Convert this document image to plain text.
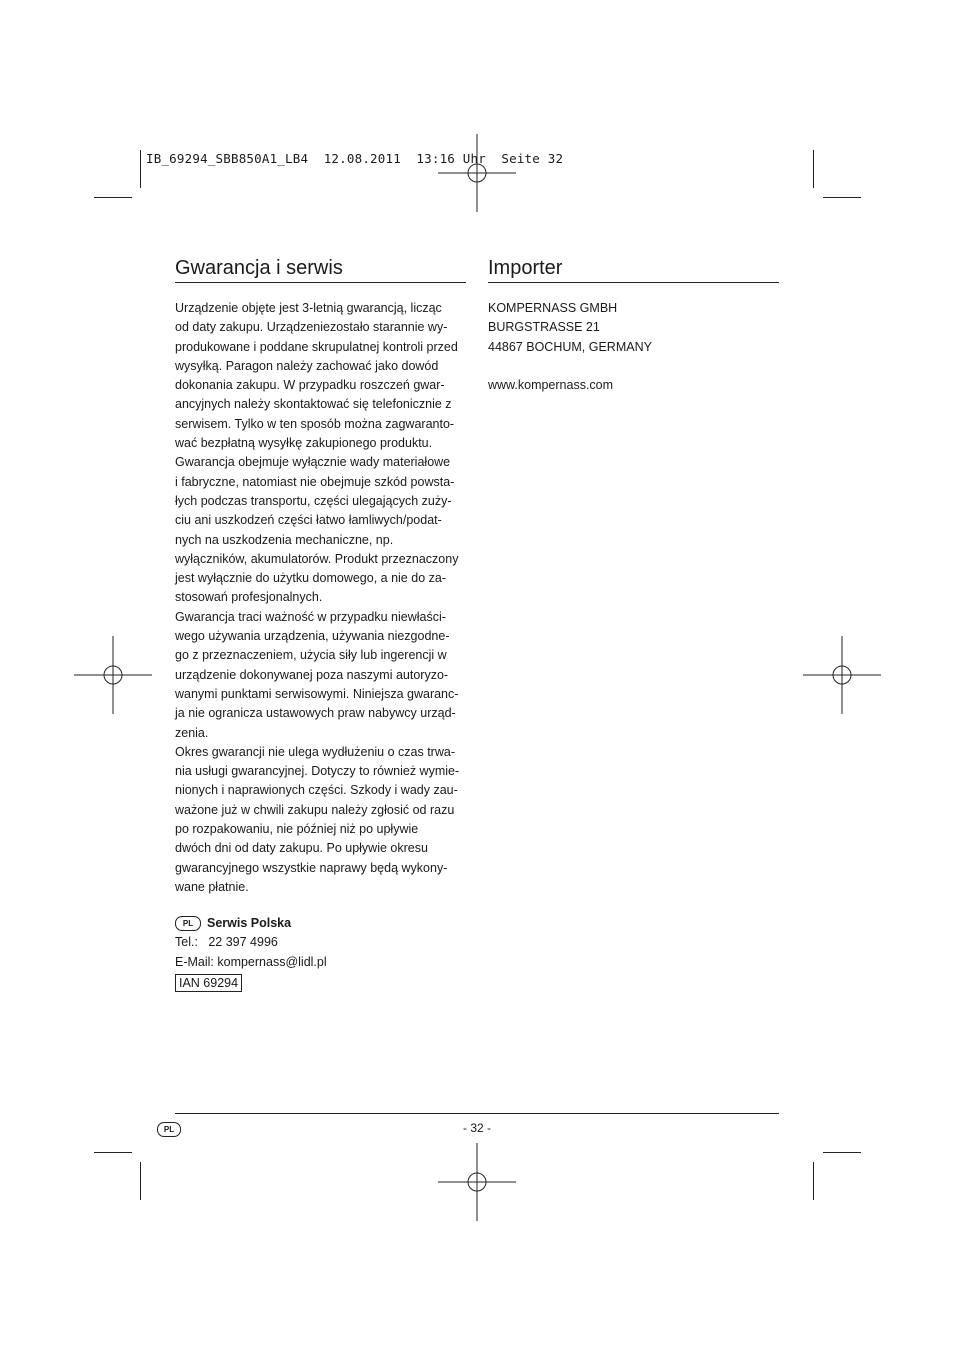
IB_69294_SBB850A1_LB4  12.08.2011  13:16 Uhr  Seite 32
Gwarancja i serwis
Urządzenie objęte jest 3-letnią gwarancją, licząc
od daty zakupu. Urządzeniezostało starannie wy-
produkowane i poddane skrupulatnej kontroli przed
wysyłką. Paragon należy zachować jako dowód
dokonania zakupu. W przypadku roszczeń gwar-
ancyjnych należy skontaktować się telefonicznie z
serwisem. Tylko w ten sposób można zagwaranto-
wać bezpłatną wysyłkę zakupionego produktu.
Gwarancja obejmuje wyłącznie wady materiałowe
i fabryczne, natomiast nie obejmuje szkód powsta-
łych podczas transportu, części ulegających zuży-
ciu ani uszkodzeń części łatwo łamliwych/podat-
nych na uszkodzenia mechaniczne, np.
wyłączników, akumulatorów. Produkt przeznaczony
jest wyłącznie do użytku domowego, a nie do za-
stosowań profesjonalnych.
Gwarancja traci ważność w przypadku niewłaści-
wego używania urządzenia, używania niezgodne-
go z przeznaczeniem, użycia siły lub ingerencji w
urządzenie dokonywanej poza naszymi autoryzo-
wanymi punktami serwisowymi. Niniejsza gwaranc-
ja nie ogranicza ustawowych praw nabywcy urząd-
zenia.
Okres gwarancji nie ulega wydłużeniu o czas trwa-
nia usługi gwarancyjnej. Dotyczy to również wymie-
nionych i naprawionych części. Szkody i wady zau-
ważone już w chwili zakupu należy zgłosić od razu
po rozpakowaniu, nie później niż po upływie
dwóch dni od daty zakupu. Po upływie okresu
gwarancyjnego wszystkie naprawy będą wykony-
wane płatnie.
PL Serwis Polska
Tel.:   22 397 4996
E-Mail: kompernass@lidl.pl
IAN 69294
Importer
KOMPERNASS GMBH
BURGSTRASSE 21
44867 BOCHUM, GERMANY
www.kompernass.com
PL	- 32 -
